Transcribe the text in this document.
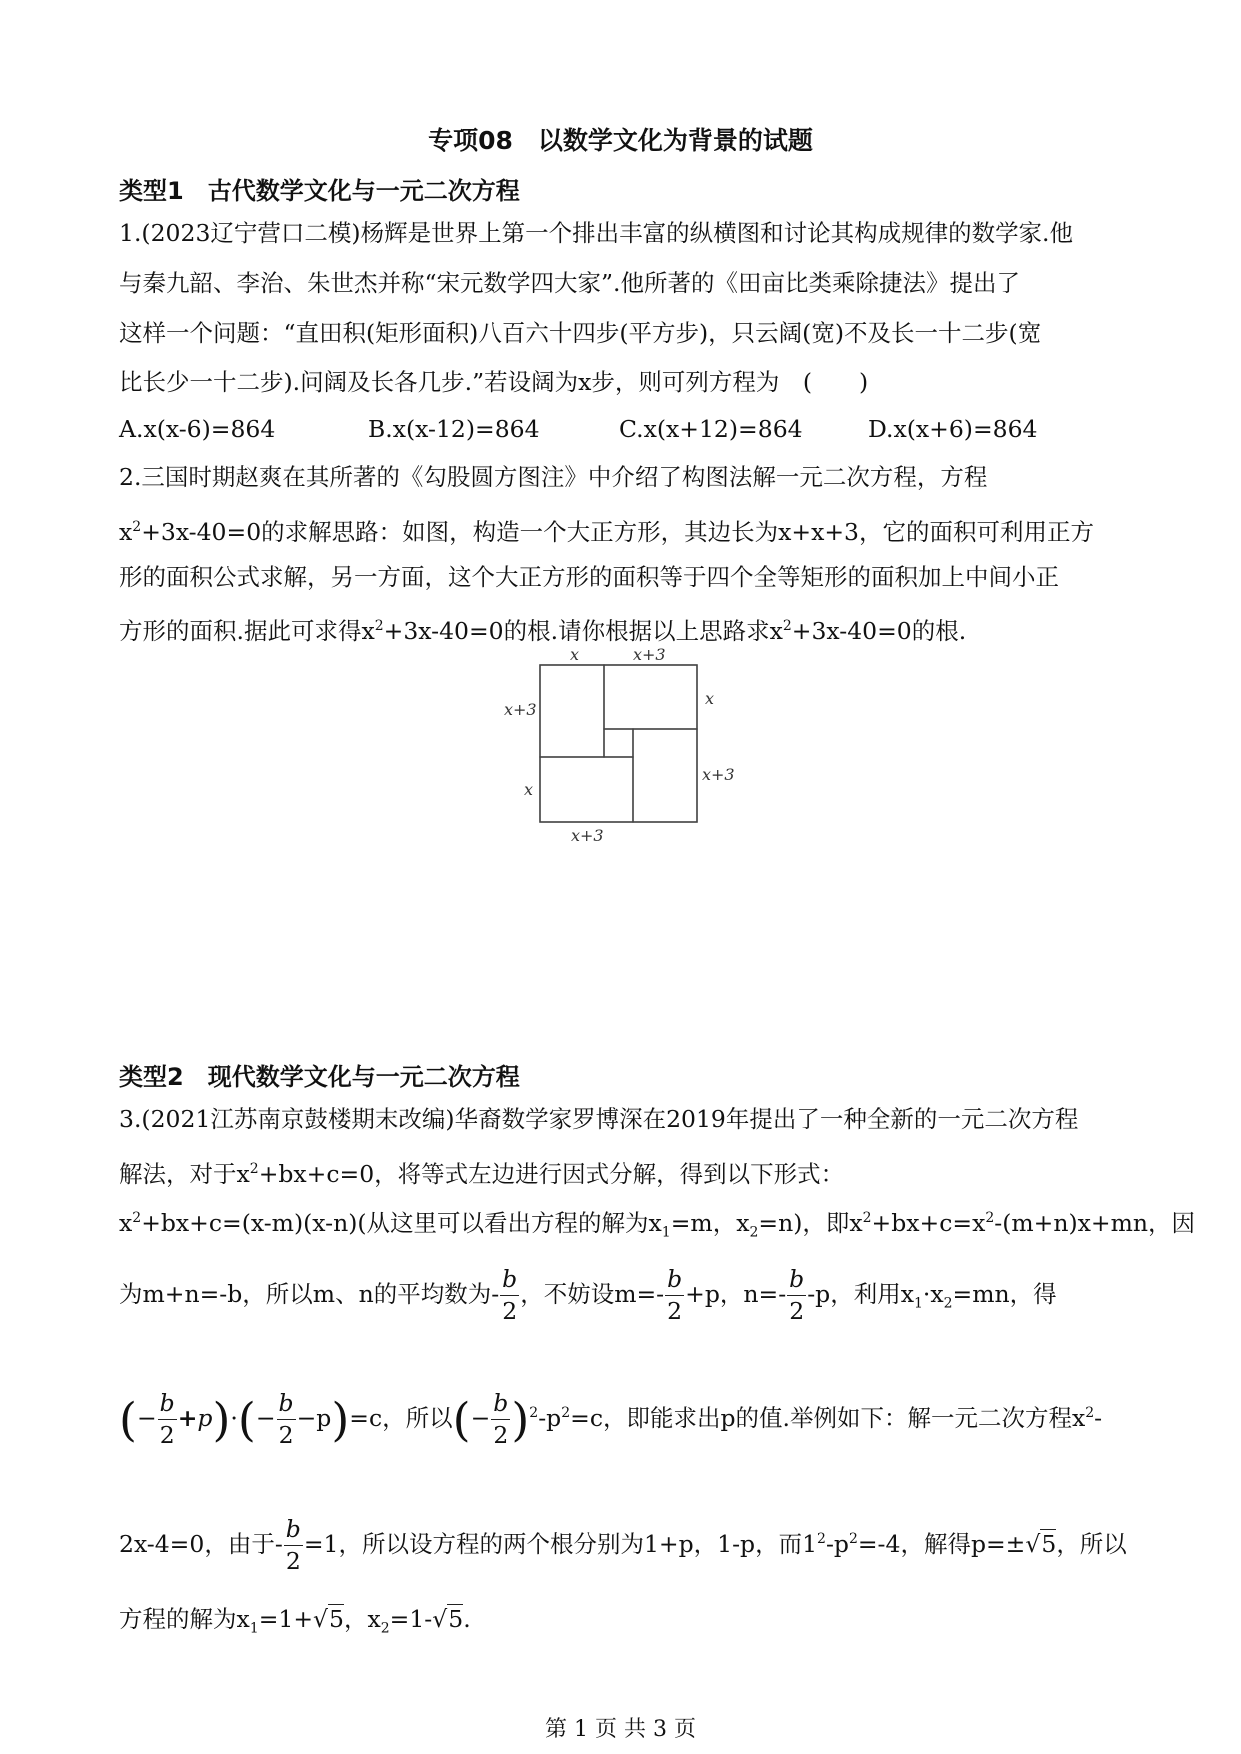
专项08　以数学文化为背景的试题
类型1　古代数学文化与一元二次方程
1.(2023辽宁营口二模)杨辉是世界上第一个排出丰富的纵横图和讨论其构成规律的数学家.他
与秦九韶、李治、朱世杰并称“宋元数学四大家”.他所著的《田亩比类乘除捷法》提出了
这样一个问题：“直田积(矩形面积)八百六十四步(平方步)，只云阔(宽)不及长一十二步(宽
比长少一十二步).问阔及长各几步.”若设阔为x步，则可列方程为　(　　)
A.x(x-6)=864	B.x(x-12)=864	C.x(x+12)=864	D.x(x+6)=864
2.三国时期赵爽在其所著的《勾股圆方图注》中介绍了构图法解一元二次方程，方程
$x^2+3x-40=0$的求解思路：如图，构造一个大正方形，其边长为x+x+3，它的面积可利用正方
形的面积公式求解，另一方面，这个大正方形的面积等于四个全等矩形的面积加上中间小正
方形的面积.据此可求得$x^2+3x-40=0$的根.请你根据以上思路求$x^2+3x-40=0$的根.
x	x+3
x+3
x
x
x+3
x+3
类型2　现代数学文化与一元二次方程
3.(2021江苏南京鼓楼期末改编)华裔数学家罗博深在2019年提出了一种全新的一元二次方程
解法，对于$x^2+bx+c=0$，将等式左边进行因式分解，得到以下形式：
$x^2+bx+c=(x-m)(x-n)$(从这里可以看出方程的解为$x_1=m$，$x_2=n$)，即$x^2+bx+c=x^2-(m+n)x+mn$，因
为m+n=-b，所以m、n的平均数为- $\frac{b}{2}$ ，不妨设$m=- \frac{b}{2} +p$，$n=- \frac{b}{2} -p$，利用$x_1\cdot x_2=mn$，得
(− $\frac{b}{2} +p)\cdot(- \frac{b}{2} -p)=c$，所以(− $\frac{b}{2} )^2-p^2=c$，即能求出p的值.举例如下：解一元二次方程$x^2-$
2x-4=0，由于- $\frac{b}{2} =1$，所以设方程的两个根分别为1+p，1-p，而$1^2-p^2=-4$，解得p=±√5，所以
方程的解为$x_1=1+√5$，$x_2=1-√5$.
第 1 页 共 3 页
